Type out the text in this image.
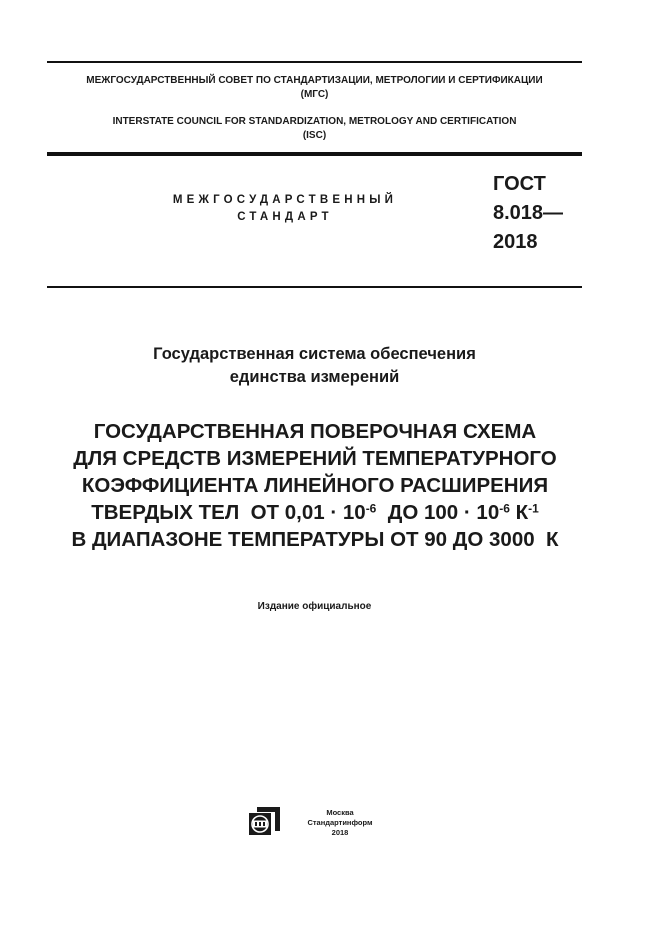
МЕЖГОСУДАРСТВЕННЫЙ СОВЕТ ПО СТАНДАРТИЗАЦИИ, МЕТРОЛОГИИ И СЕРТИФИКАЦИИ
(МГС)
INTERSTATE COUNCIL FOR STANDARDIZATION, METROLOGY AND CERTIFICATION
(ISC)
МЕЖГОСУДАРСТВЕННЫЙ
СТАНДАРТ
ГОСТ
8.018—
2018
Государственная система обеспечения
единства измерений
ГОСУДАРСТВЕННАЯ ПОВЕРОЧНАЯ СХЕМА
ДЛЯ СРЕДСТВ ИЗМЕРЕНИЙ ТЕМПЕРАТУРНОГО
КОЭФФИЦИЕНТА ЛИНЕЙНОГО РАСШИРЕНИЯ
ТВЕРДЫХ ТЕЛ  ОТ $0,01 \cdot 10^{-6}$  ДО $100 \cdot 10^{-6}$ $К^{-1}$
В ДИАПАЗОНЕ ТЕМПЕРАТУРЫ ОТ 90 ДО 3000  К
Издание официальное
Москва
Стандартинформ
2018
